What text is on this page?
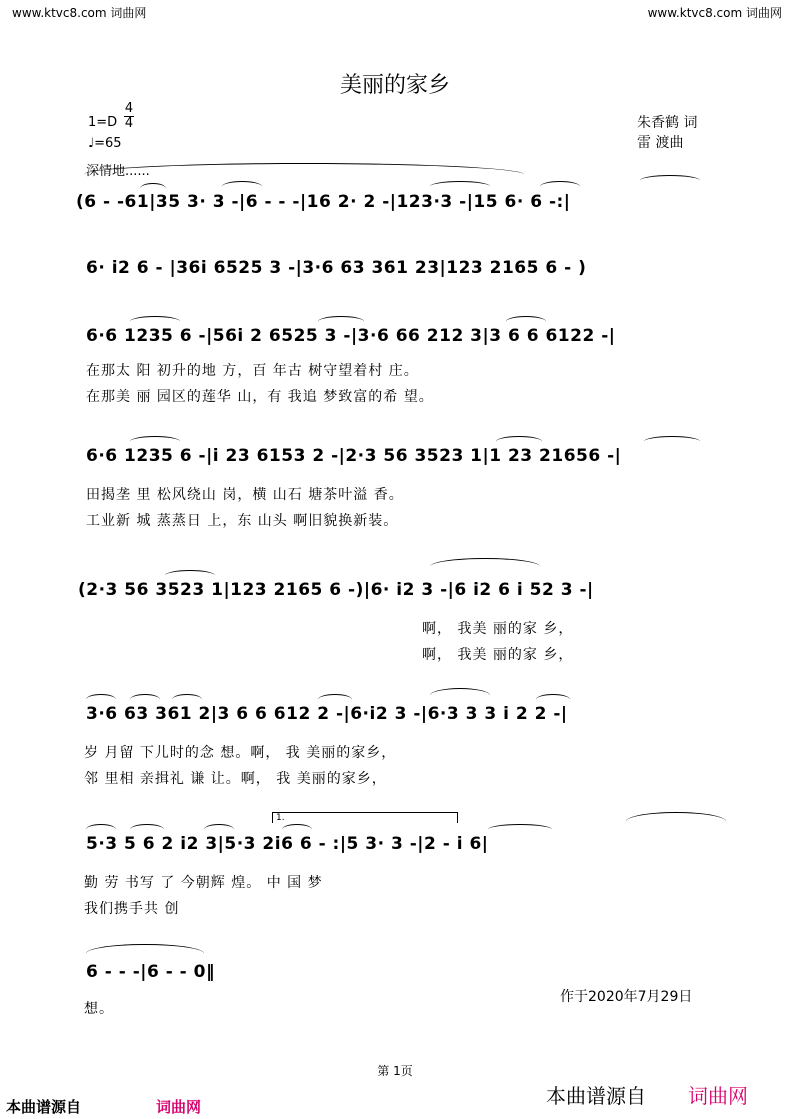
www.ktvc8.com 词曲网	www.ktvc8.com 词曲网
美丽的家乡
1=D
4
4
♩=65
深情地......
朱香鹤 词
雷 渡曲
(6 - -61|35 3· 3 -|6 - - -|16 2· 2 -|123·3 -|15 6· 6 -:|
6· i2 6 - |36i 6525 3 -|3·6 63 361 23|123 2165 6 - )
6·6 1235 6 -|56i 2 6525 3 -|3·6 66 212 3|3 6 6 6122 -|
在那太 阳 初升的地 方，百 年古 树守望着村 庄。
在那美 丽 园区的莲华 山，有 我追 梦致富的希 望。
6·6 1235 6 -|i 23 6153 2 -|2·3 56 3523 1|1 23 21656 -|
田揭垄 里 松风绕山 岗，横 山石 塘茶叶溢 香。
工业新 城 蒸蒸日 上，东 山头 啊旧貌换新装。
(2·3 56 3523 1|123 2165 6 -)|6· i2 3 -|6 i2 6 i 52 3 -|
啊， 我美 丽的家 乡，
啊， 我美 丽的家 乡，
3·6 63 361 2|3 6 6 612 2 -|6·i2 3 -|6·3 3 3 i 2 2 -|
岁 月留 下儿时的念 想。啊， 我 美丽的家乡，
邻 里相 亲揖礼 谦 让。啊， 我 美丽的家乡，
1.
5·3 5 6 2 i2 3|5·3 2i6 6 - :|5 3· 3 -|2 - i 6|
勤 劳 书写 了 今朝辉 煌。 中 国 梦
我们携手共 创
6 - - -|6 - - 0‖
想。
作于2020年7月29日
第 1页
本曲谱源自	词曲网	本曲谱源自 词曲网
